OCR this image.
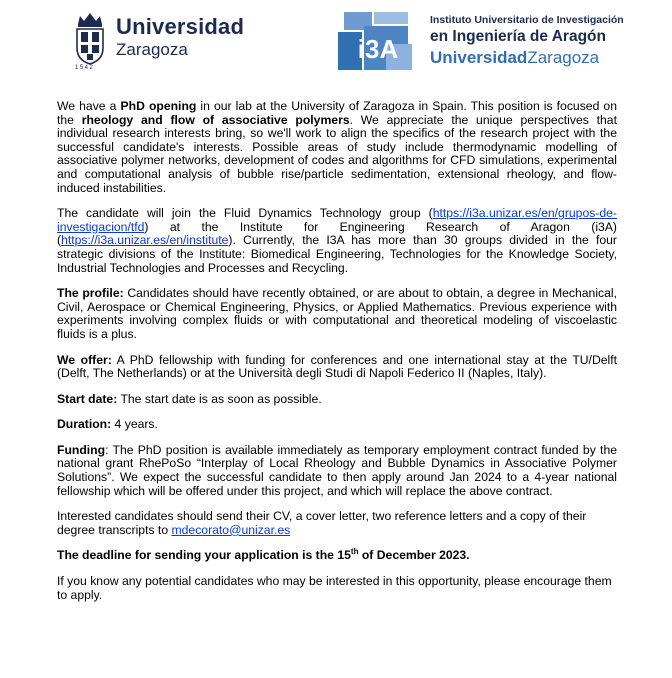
1542
Universidad
Zaragoza	i3A
Instituto Universitario de Investigación
en Ingeniería de Aragón
UniversidadZaragoza

We have a PhD opening in our lab at the University of Zaragoza in Spain. This position is focused on the rheology and flow of associative polymers. We appreciate the unique perspectives that individual research interests bring, so we'll work to align the specifics of the research project with the successful candidate's interests. Possible areas of study include thermodynamic modelling of associative polymer networks, development of codes and algorithms for CFD simulations, experimental and computational analysis of bubble rise/particle sedimentation, extensional rheology, and flow-induced instabilities.

The candidate will join the Fluid Dynamics Technology group (https://i3a.unizar.es/en/grupos-de-investigacion/tfd) at the Institute for Engineering Research of Aragon (i3A) (https://i3a.unizar.es/en/institute). Currently, the I3A has more than 30 groups divided in the four strategic divisions of the Institute: Biomedical Engineering, Technologies for the Knowledge Society, Industrial Technologies and Processes and Recycling.

The profile: Candidates should have recently obtained, or are about to obtain, a degree in Mechanical, Civil, Aerospace or Chemical Engineering, Physics, or Applied Mathematics. Previous experience with experiments involving complex fluids or with computational and theoretical modeling of viscoelastic fluids is a plus.

We offer: A PhD fellowship with funding for conferences and one international stay at the TU/Delft (Delft, The Netherlands) or at the Università degli Studi di Napoli Federico II (Naples, Italy).

Start date: The start date is as soon as possible.

Duration: 4 years.

Funding: The PhD position is available immediately as temporary employment contract funded by the national grant RhePoSo “Interplay of Local Rheology and Bubble Dynamics in Associative Polymer Solutions”. We expect the successful candidate to then apply around Jan 2024 to a 4-year national fellowship which will be offered under this project, and which will replace the above contract.

Interested candidates should send their CV, a cover letter, two reference letters and a copy of their degree transcripts to mdecorato@unizar.es

The deadline for sending your application is the 15th of December 2023.

If you know any potential candidates who may be interested in this opportunity, please encourage them to apply.
